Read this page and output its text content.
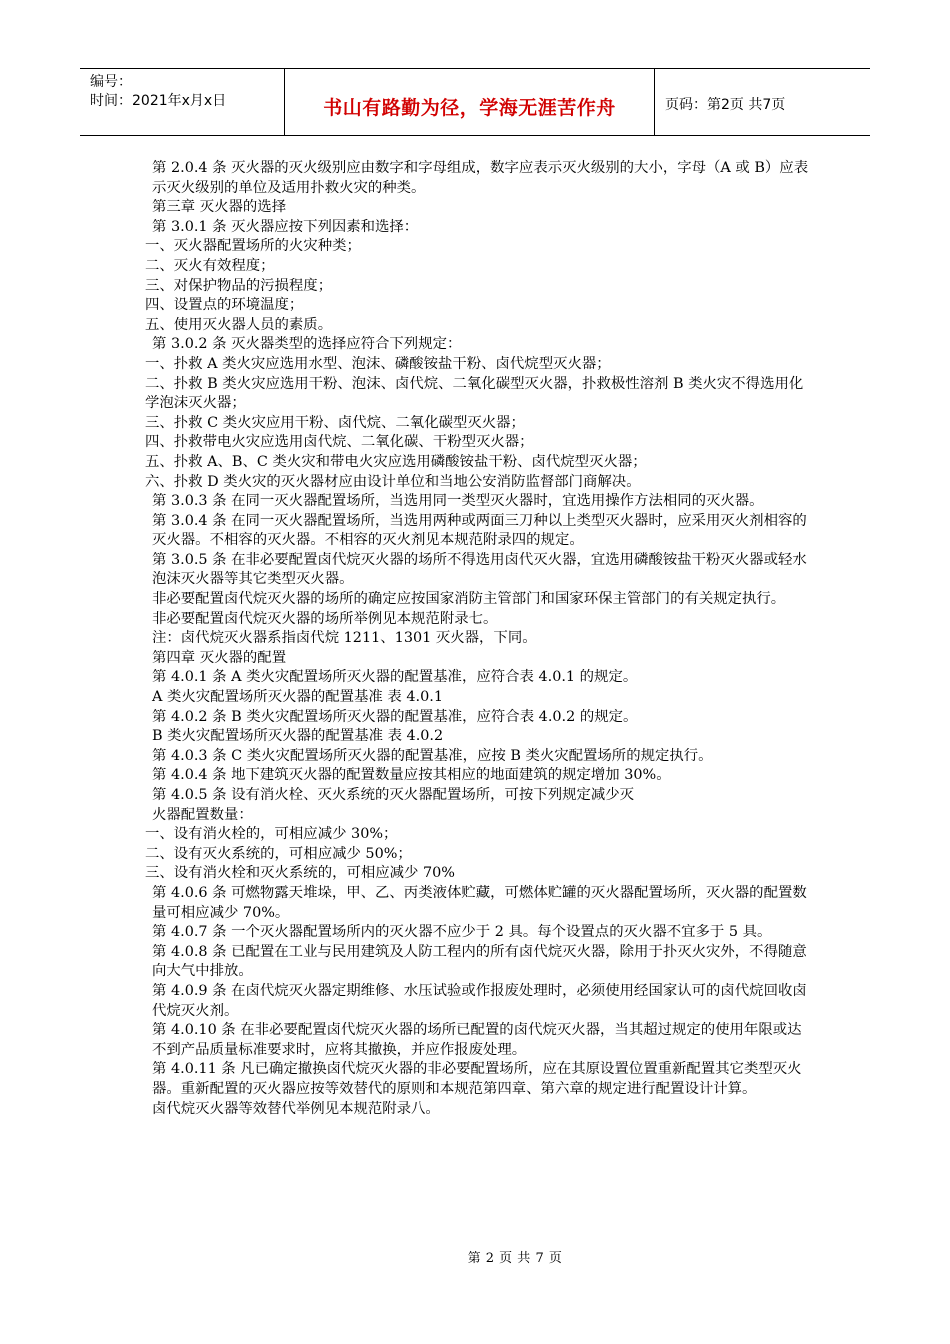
编号：
时间：2021年x月x日	书山有路勤为径，学海无涯苦作舟	页码：第2页 共7页

第 2.0.4 条 灭火器的灭火级别应由数字和字母组成，数字应表示灭火级别的大小，字母（A 或 B）应表示灭火级别的单位及适用扑救火灾的种类。

第三章 灭火器的选择

第 3.0.1 条 灭火器应按下列因素和选择：

一、灭火器配置场所的火灾种类；

二、灭火有效程度；

三、对保护物品的污损程度；

四、设置点的环境温度；

五、使用灭火器人员的素质。

第 3.0.2 条 灭火器类型的选择应符合下列规定：

一、扑救 A 类火灾应选用水型、泡沫、磷酸铵盐干粉、卤代烷型灭火器；

二、扑救 B 类火灾应选用干粉、泡沫、卤代烷、二氧化碳型灭火器，扑救极性溶剂 B 类火灾不得选用化学泡沫灭火器；

三、扑救 C 类火灾应用干粉、卤代烷、二氧化碳型灭火器；

四、扑救带电火灾应选用卤代烷、二氧化碳、干粉型灭火器；

五、扑救 A、B、C 类火灾和带电火灾应选用磷酸铵盐干粉、卤代烷型灭火器；

六、扑救 D 类火灾的灭火器材应由设计单位和当地公安消防监督部门商解决。

第 3.0.3 条 在同一灭火器配置场所，当选用同一类型灭火器时，宜选用操作方法相同的灭火器。

第 3.0.4 条 在同一灭火器配置场所，当选用两种或两面三刀种以上类型灭火器时，应采用灭火剂相容的灭火器。不相容的灭火器。不相容的灭火剂见本规范附录四的规定。

第 3.0.5 条 在非必要配置卤代烷灭火器的场所不得选用卤代灭火器，宜选用磷酸铵盐干粉灭火器或轻水泡沫灭火器等其它类型灭火器。

非必要配置卤代烷灭火器的场所的确定应按国家消防主管部门和国家环保主管部门的有关规定执行。

非必要配置卤代烷灭火器的场所举例见本规范附录七。

注：卤代烷灭火器系指卤代烷 1211、1301 灭火器，下同。

第四章 灭火器的配置

第 4.0.1 条 A 类火灾配置场所灭火器的配置基准，应符合表 4.0.1 的规定。

A 类火灾配置场所灭火器的配置基准 表 4.0.1

第 4.0.2 条 B 类火灾配置场所灭火器的配置基准，应符合表 4.0.2 的规定。

B 类火灾配置场所灭火器的配置基准 表 4.0.2

第 4.0.3 条 C 类火灾配置场所灭火器的配置基准，应按 B 类火灾配置场所的规定执行。

第 4.0.4 条 地下建筑灭火器的配置数量应按其相应的地面建筑的规定增加 30%。

第 4.0.5 条 设有消火栓、灭火系统的灭火器配置场所，可按下列规定减少灭

火器配置数量：

一、设有消火栓的，可相应减少 30%；

二、设有灭火系统的，可相应减少 50%；

三、设有消火栓和灭火系统的，可相应减少 70%

第 4.0.6 条 可燃物露天堆垛，甲、乙、丙类液体贮藏，可燃体贮罐的灭火器配置场所，灭火器的配置数量可相应减少 70%。

第 4.0.7 条 一个灭火器配置场所内的灭火器不应少于 2 具。每个设置点的灭火器不宜多于 5 具。

第 4.0.8 条 已配置在工业与民用建筑及人防工程内的所有卤代烷灭火器，除用于扑灭火灾外，不得随意向大气中排放。

第 4.0.9 条 在卤代烷灭火器定期维修、水压试验或作报废处理时，必须使用经国家认可的卤代烷回收卤代烷灭火剂。

第 4.0.10 条 在非必要配置卤代烷灭火器的场所已配置的卤代烷灭火器，当其超过规定的使用年限或达不到产品质量标准要求时，应将其撤换，并应作报废处理。

第 4.0.11 条 凡已确定撤换卤代烷灭火器的非必要配置场所，应在其原设置位置重新配置其它类型灭火器。重新配置的灭火器应按等效替代的原则和本规范第四章、第六章的规定进行配置设计计算。

卤代烷灭火器等效替代举例见本规范附录八。

第 2 页 共 7 页
